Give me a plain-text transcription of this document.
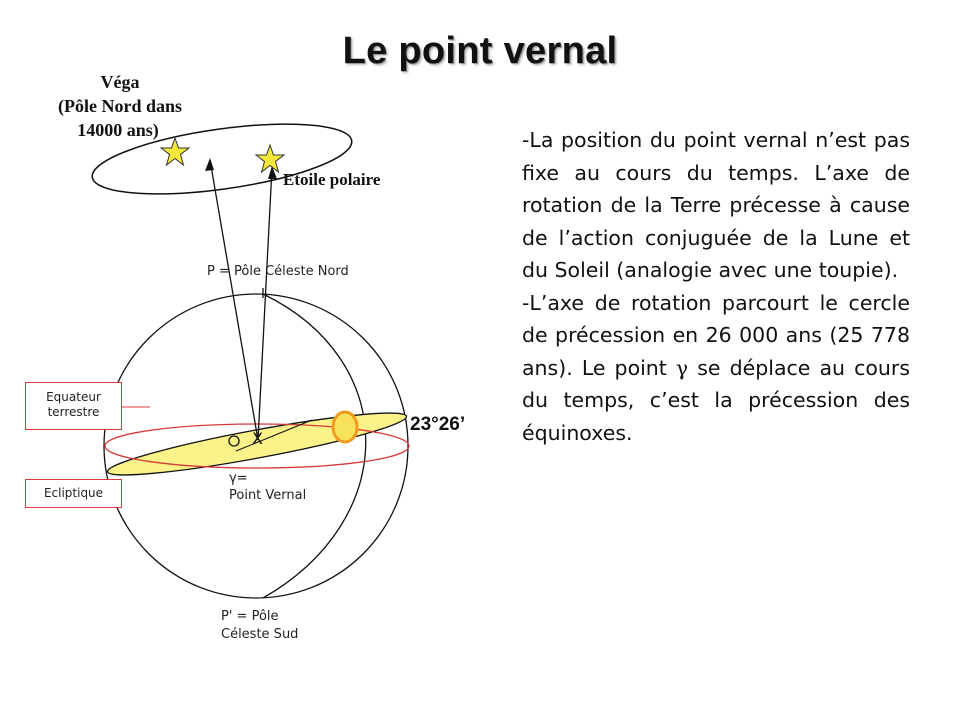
Le point vernal
X
Véga
(Pôle Nord dans
14000 ans)
Etoile polaire
P = Pôle Céleste Nord
γ=
Point Vernal
P' = Pôle
Céleste Sud
23°26’
Equateur
terrestre
Ecliptique

-La position du point vernal n’est pas fixe au cours du temps. L’axe de rotation de la Terre précesse à cause de l’action conjuguée de la Lune et du Soleil (analogie avec une toupie).

-L’axe de rotation parcourt le cercle de précession en 26 000 ans (25 778 ans). Le point γ se déplace au cours du temps, c’est la précession des équinoxes.
